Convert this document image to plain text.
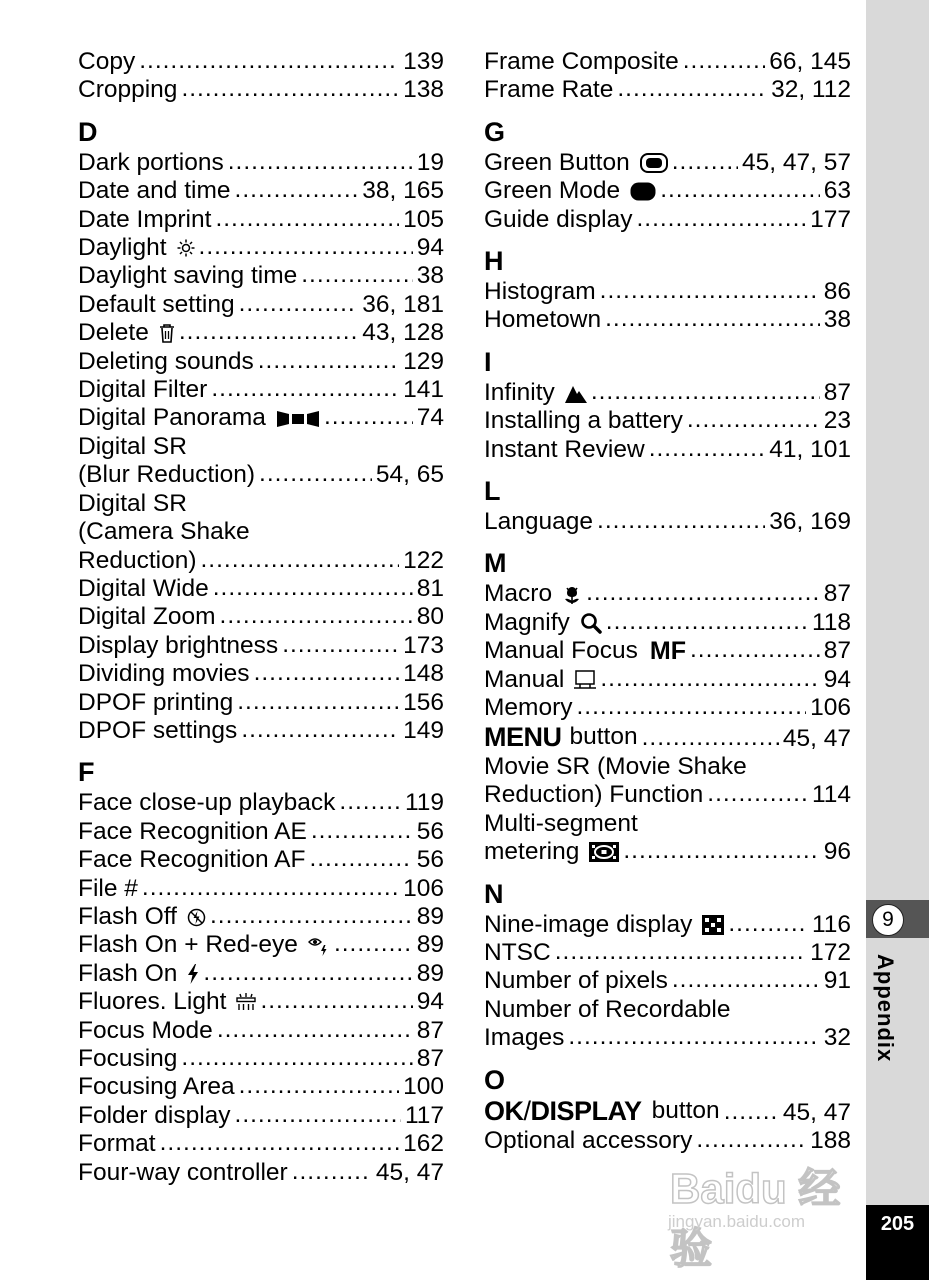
Copy .....	139
Cropping .....	138
D
Dark portions .....	19
Date and time .....	38, 165
Date Imprint .....	105
Daylight .....	94
Daylight saving time .....	38
Default setting .....	36, 181
Delete .....	43, 128
Deleting sounds .....	129
Digital Filter .....	141
Digital Panorama .....	74
Digital SR
(Blur Reduction) .....	54, 65
Digital SR
(Camera Shake
Reduction) .....	122
Digital Wide .....	81
Digital Zoom .....	80
Display brightness .....	173
Dividing movies .....	148
DPOF printing .....	156
DPOF settings .....	149
F
Face close-up playback .....	119
Face Recognition AE .....	56
Face Recognition AF .....	56
File # .....	106
Flash Off .....	89
Flash On + Red-eye .....	89
Flash On .....	89
Fluores. Light .....	94
Focus Mode .....	87
Focusing .....	87
Focusing Area .....	100
Folder display .....	117
Format .....	162
Four-way controller .....	45, 47
Frame Composite .....	66, 145
Frame Rate .....	32, 112
G
Green Button .....	45, 47, 57
Green Mode .....	63
Guide display .....	177
H
Histogram .....	86
Hometown .....	38
I
Infinity .....	87
Installing a battery .....	23
Instant Review .....	41, 101
L
Language .....	36, 169
M
Macro .....	87
Magnify .....	118
Manual Focus MF .....	87
Manual .....	94
Memory .....	106
MENU button .....	45, 47
Movie SR (Movie Shake
Reduction) Function .....	114
Multi-segment
metering .....	96
N
Nine-image display .....	116
NTSC .....	172
Number of pixels .....	91
Number of Recordable
Images .....	32
O
OK/DISPLAY button .....	45, 47
Optional accessory .....	188
9
Appendix
205
Baidu 经验
jingyan.baidu.com
